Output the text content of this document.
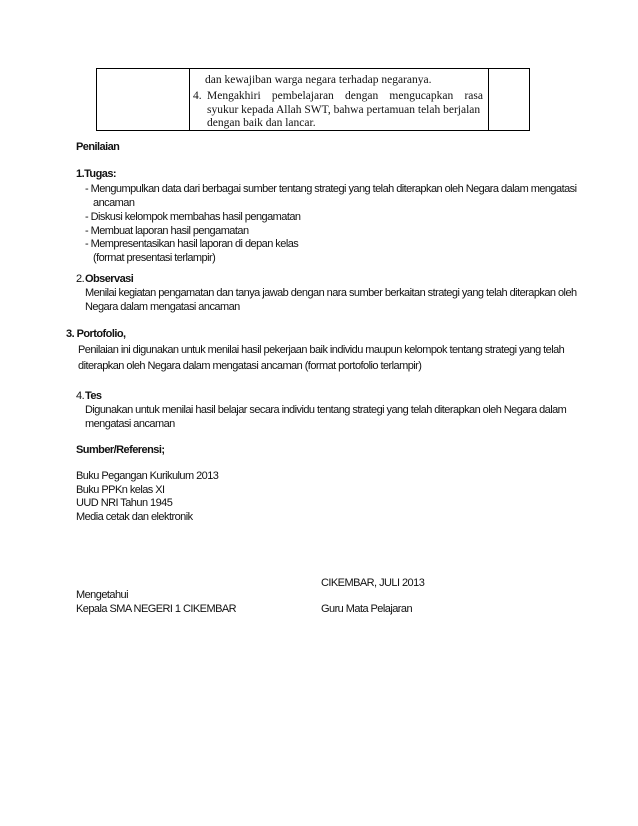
dan kewajiban warga negara terhadap negaranya.
4. Mengakhiri pembelajaran dengan mengucapkan rasa
syukur kepada Allah SWT, bahwa pertamuan telah berjalan
dengan baik dan lancar.
Penilaian
1.Tugas:
- Mengumpulkan data dari berbagai sumber tentang strategi yang telah diterapkan oleh Negara dalam mengatasi
ancaman
- Diskusi kelompok membahas hasil pengamatan
- Membuat laporan hasil pengamatan
- Mempresentasikan hasil laporan di depan kelas
(format presentasi terlampir)
2. Observasi
Menilai kegiatan pengamatan dan tanya jawab dengan nara sumber berkaitan strategi yang telah diterapkan oleh
Negara dalam mengatasi ancaman
3. Portofolio,
Penilaian ini digunakan untuk menilai hasil pekerjaan baik individu maupun kelompok tentang strategi yang telah
diterapkan oleh Negara dalam mengatasi ancaman (format portofolio terlampir)
4. Tes
Digunakan untuk menilai hasil belajar secara individu tentang strategi yang telah diterapkan oleh Negara dalam
mengatasi ancaman
Sumber/Referensi;
Buku Pegangan Kurikulum 2013
Buku PPKn kelas XI
UUD NRI Tahun 1945
Media cetak dan elektronik
CIKEMBAR, JULI 2013
Mengetahui
Kepala SMA NEGERI 1 CIKEMBAR	Guru Mata Pelajaran
